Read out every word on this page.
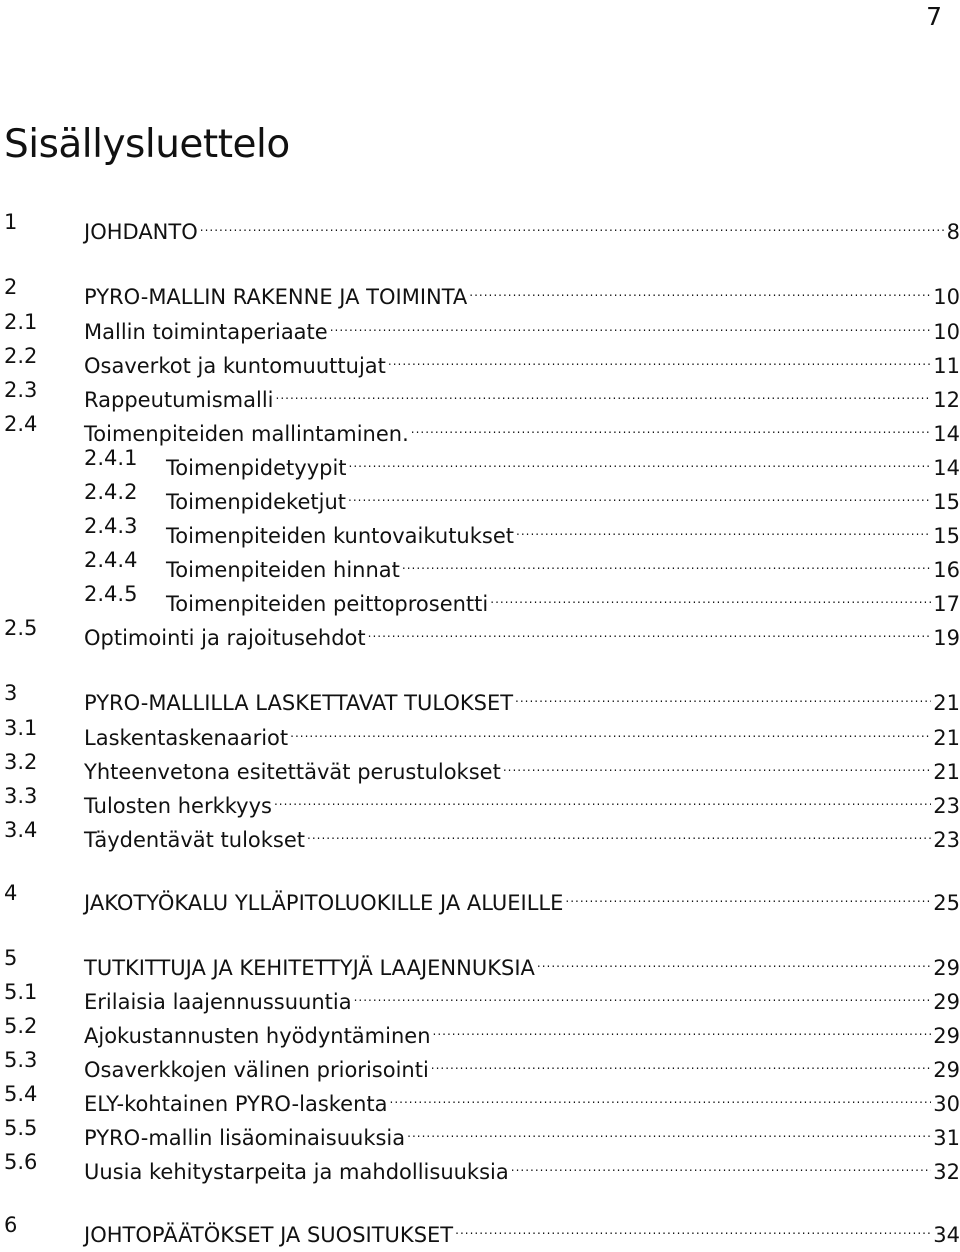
7
Sisällysluettelo
1	JOHDANTO .....	8
2	PYRO-MALLIN RAKENNE JA TOIMINTA .....	10
2.1 Mallin toimintaperiaate .....	10
2.2 Osaverkot ja kuntomuuttujat .....	11
2.3 Rappeutumismalli .....	12
2.4 Toimenpiteiden mallintaminen. .....	14
2.4.1 Toimenpidetyypit .....	14
2.4.2 Toimenpideketjut .....	15
2.4.3 Toimenpiteiden kuntovaikutukset .....	15
2.4.4 Toimenpiteiden hinnat .....	16
2.4.5 Toimenpiteiden peittoprosentti .....	17
2.5 Optimointi ja rajoitusehdot .....	19
3	PYRO-MALLILLA LASKETTAVAT TULOKSET .....	21
3.1 Laskentaskenaariot .....	21
3.2 Yhteenvetona esitettävät perustulokset .....	21
3.3 Tulosten herkkyys .....	23
3.4 Täydentävät tulokset .....	23
4	JAKOTYÖKALU YLLÄPITOLUOKILLE JA ALUEILLE .....	25
5	TUTKITTUJA JA KEHITETTYJÄ LAAJENNUKSIA .....	29
5.1 Erilaisia laajennussuuntia .....	29
5.2 Ajokustannusten hyödyntäminen .....	29
5.3 Osaverkkojen välinen priorisointi .....	29
5.4 ELY-kohtainen PYRO-laskenta .....	30
5.5 PYRO-mallin lisäominaisuuksia .....	31
5.6 Uusia kehitystarpeita ja mahdollisuuksia .....	32
6	JOHTOPÄÄTÖKSET JA SUOSITUKSET .....	34
